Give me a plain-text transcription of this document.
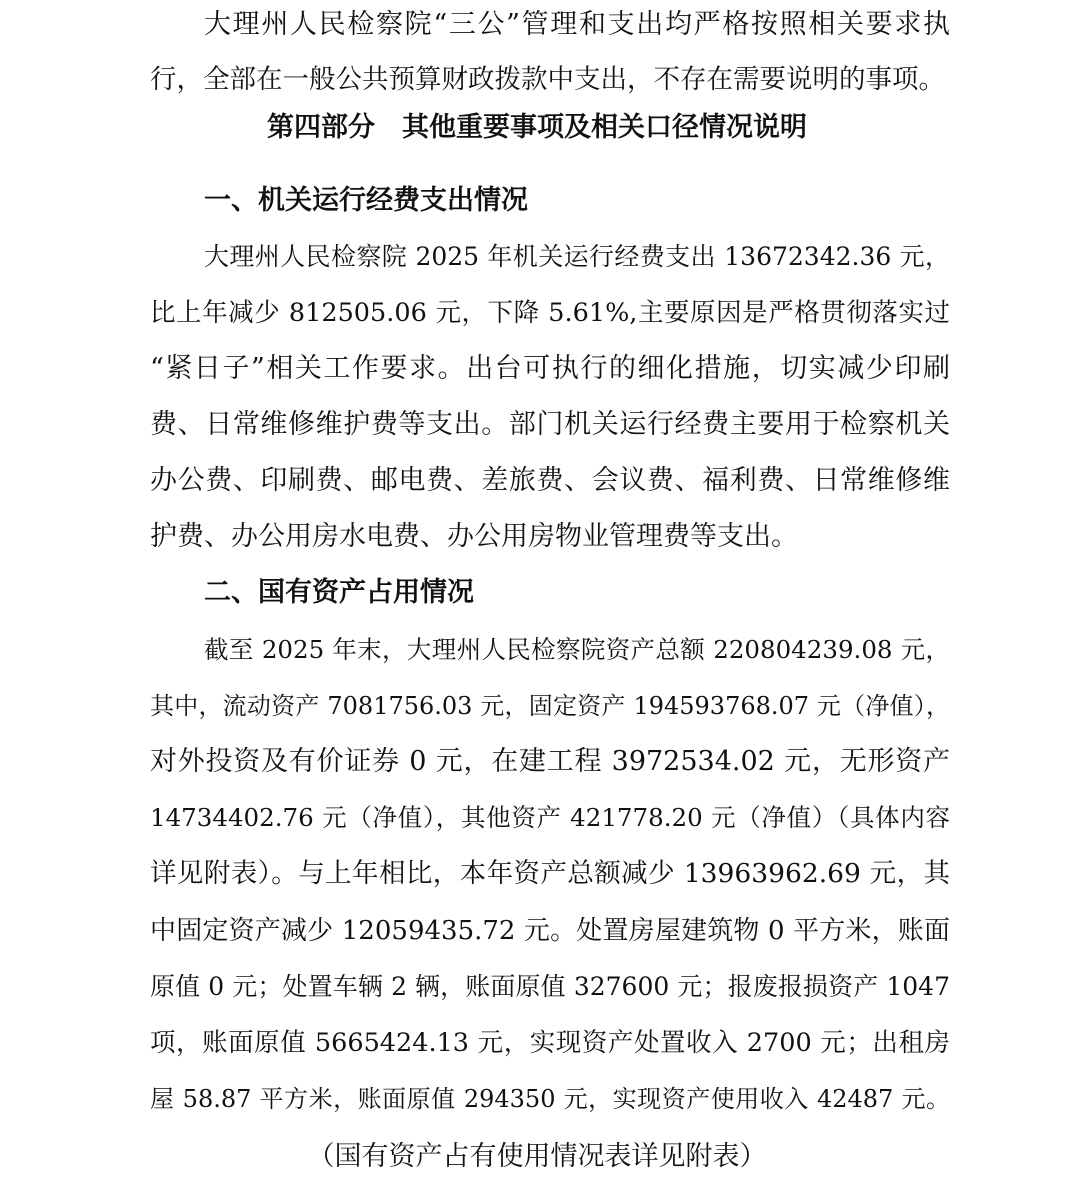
大理州人民检察院“三公”管理和支出均严格按照相关要求执
行，全部在一般公共预算财政拨款中支出，不存在需要说明的事项。
第四部分　其他重要事项及相关口径情况说明
一、机关运行经费支出情况
大理州人民检察院 2025 年机关运行经费支出 13672342.36 元，
比上年减少 812505.06 元，下降 5.61%,主要原因是严格贯彻落实过
“紧日子”相关工作要求。出台可执行的细化措施，切实减少印刷
费、日常维修维护费等支出。部门机关运行经费主要用于检察机关
办公费、印刷费、邮电费、差旅费、会议费、福利费、日常维修维
护费、办公用房水电费、办公用房物业管理费等支出。
二、国有资产占用情况
截至 2025 年末，大理州人民检察院资产总额 220804239.08 元，
其中，流动资产 7081756.03 元，固定资产 194593768.07 元（净值），
对外投资及有价证券 0 元，在建工程 3972534.02 元，无形资产
14734402.76 元（净值），其他资产 421778.20 元（净值）（具体内容
详见附表）。与上年相比，本年资产总额减少 13963962.69 元，其
中固定资产减少 12059435.72 元。处置房屋建筑物 0 平方米，账面
原值 0 元；处置车辆 2 辆，账面原值 327600 元；报废报损资产 1047
项，账面原值 5665424.13 元，实现资产处置收入 2700 元；出租房
屋 58.87 平方米，账面原值 294350 元，实现资产使用收入 42487 元。
（国有资产占有使用情况表详见附表）
